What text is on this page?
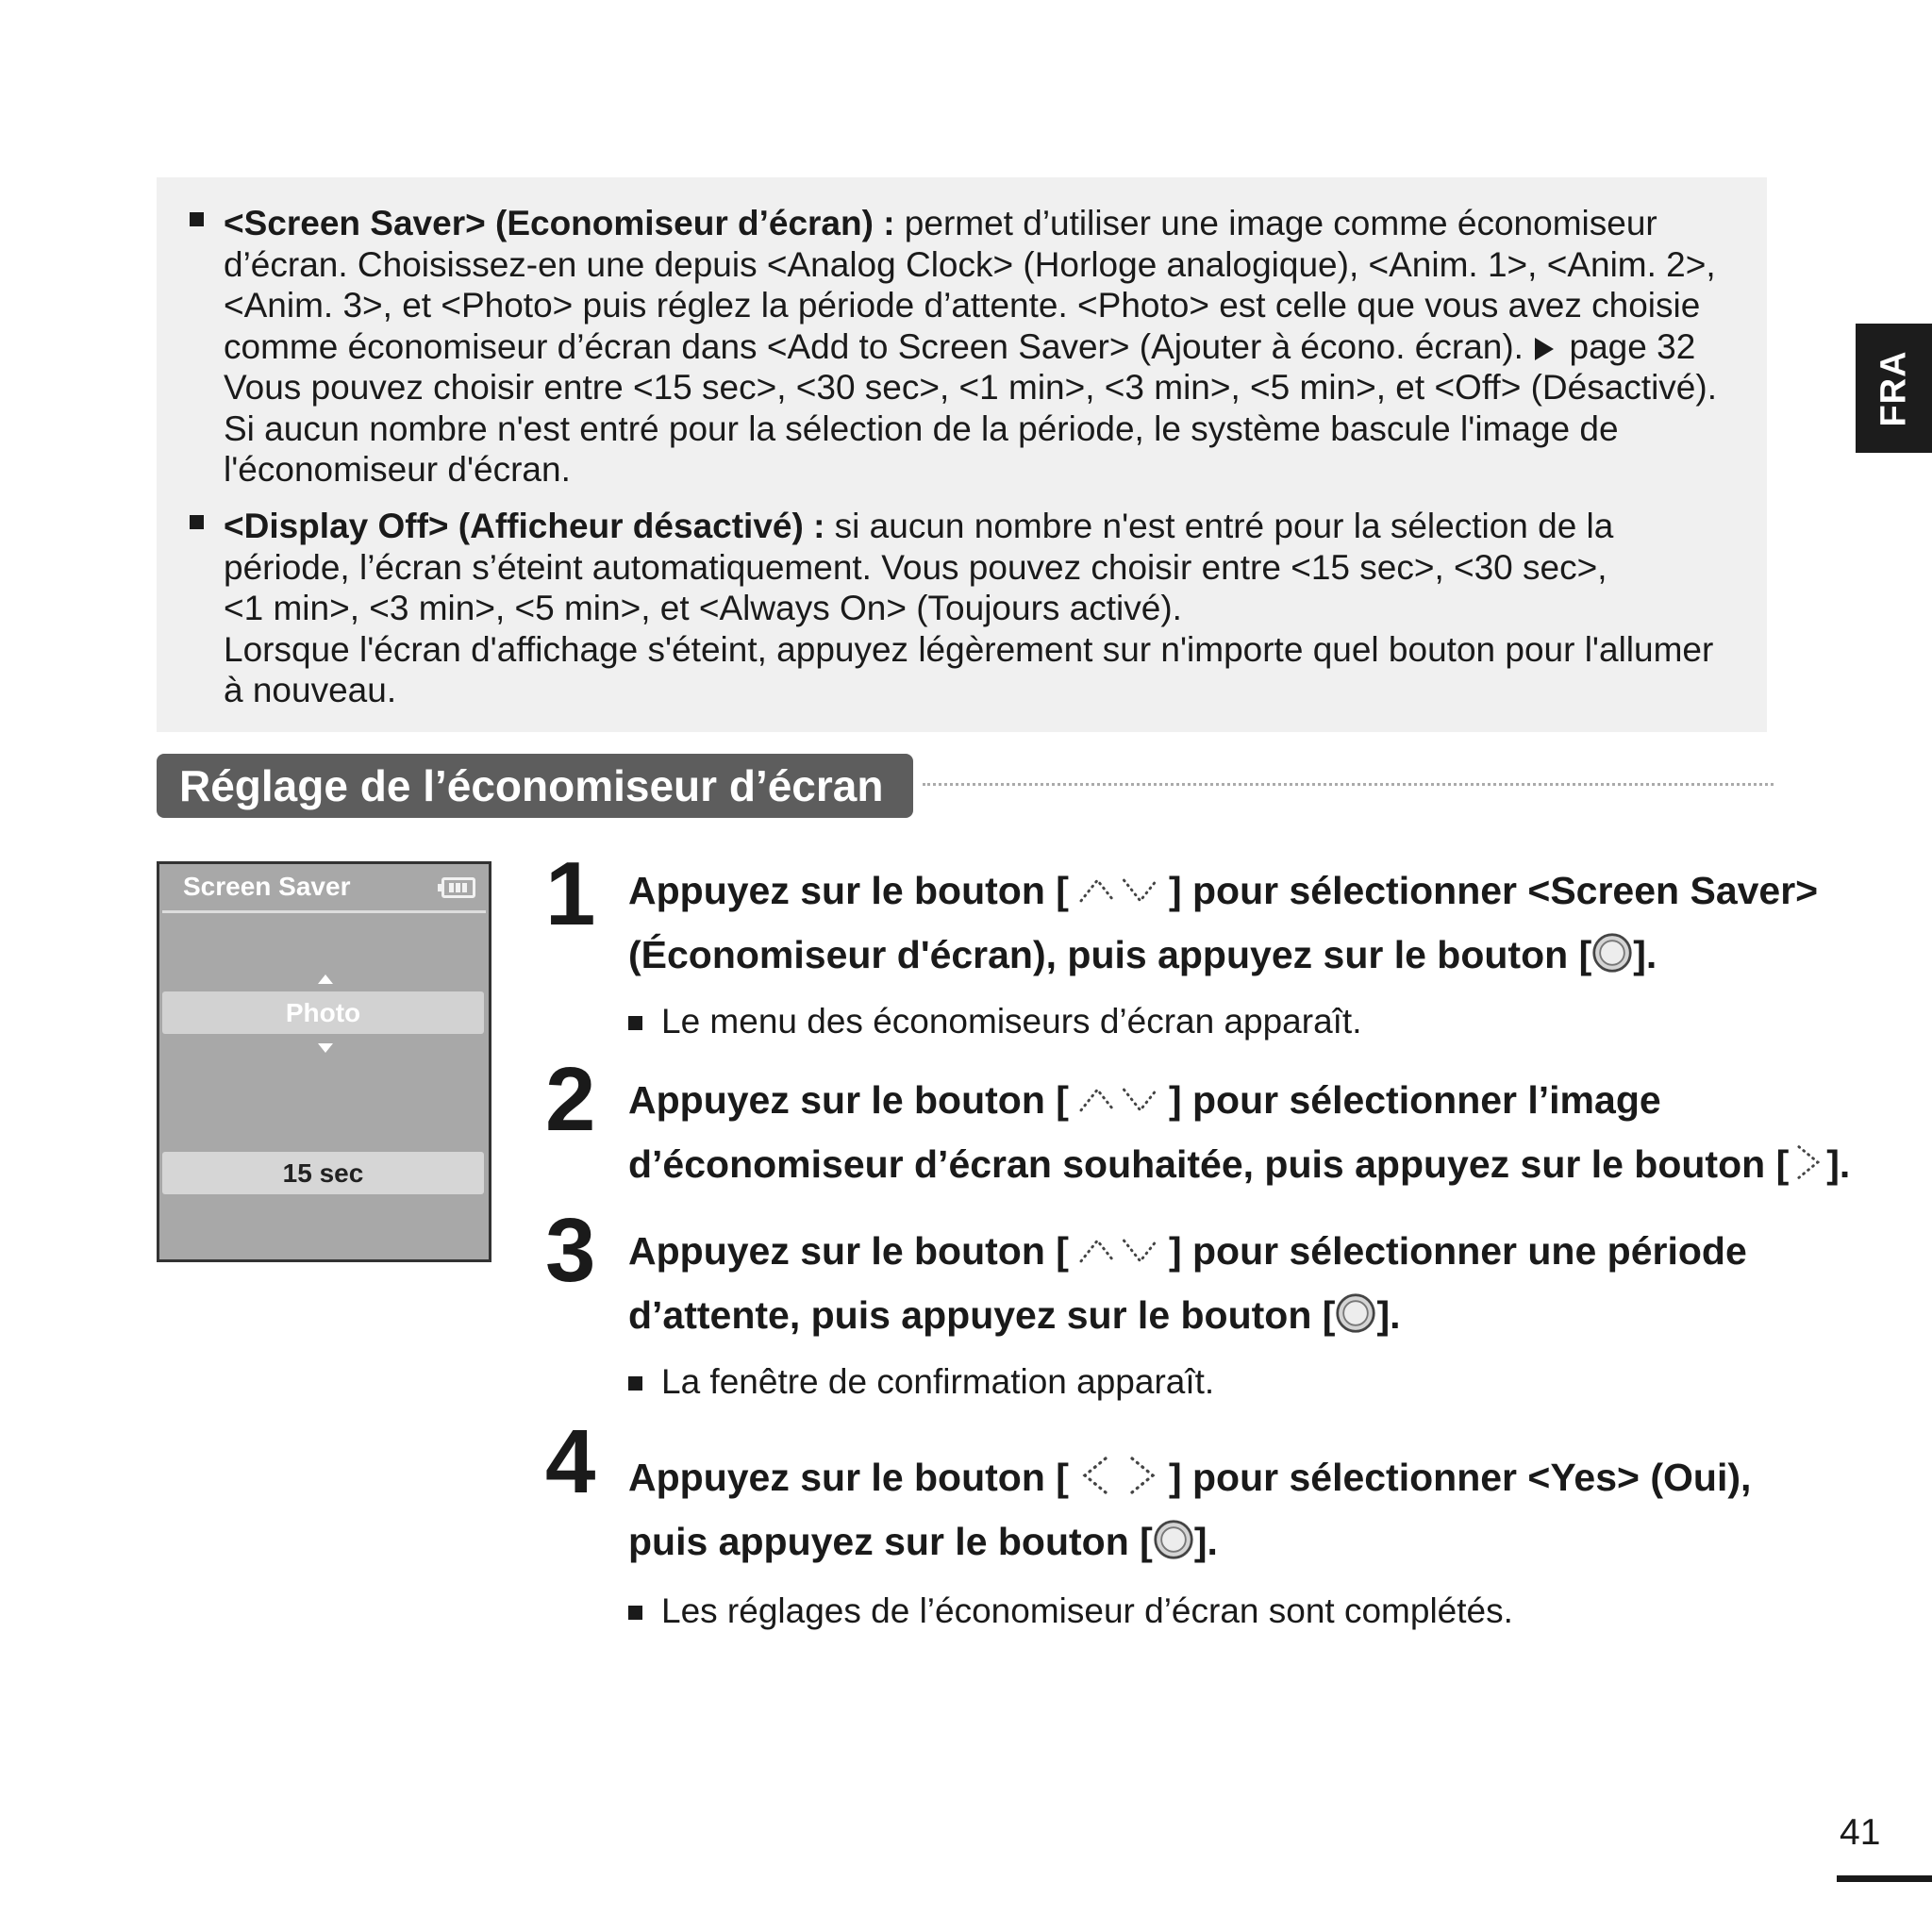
<Screen Saver> (Economiseur d’écran) : permet d’utiliser une image comme économiseur
d’écran. Choisissez-en une depuis <Analog Clock> (Horloge analogique), <Anim. 1>, <Anim. 2>,
<Anim. 3>, et <Photo> puis réglez la période d’attente. <Photo> est celle que vous avez choisie
comme économiseur d’écran dans <Add to Screen Saver> (Ajouter à écono. écran).  page 32
Vous pouvez choisir entre <15 sec>, <30 sec>, <1 min>, <3 min>, <5 min>, et <Off> (Désactivé).
Si aucun nombre n'est entré pour la sélection de la période, le système bascule l'image de
l'économiseur d'écran.
<Display Off> (Afficheur désactivé) : si aucun nombre n'est entré pour la sélection de la
période, l’écran s’éteint automatiquement. Vous pouvez choisir entre <15 sec>, <30 sec>,
<1 min>, <3 min>, <5 min>, et <Always On> (Toujours activé).
Lorsque l'écran d'affichage s'éteint, appuyez légèrement sur n'importe quel bouton pour l'allumer
à nouveau.
FRA
Réglage de l’économiseur d’écran
Screen Saver
Photo
15 sec
1 Appuyez sur le bouton [	] pour sélectionner <Screen Saver>
(Économiseur d'écran), puis appuyez sur le bouton [ ].
Le menu des économiseurs d’écran apparaît.
2 Appuyez sur le bouton [	] pour sélectionner l’image
d’économiseur d’écran souhaitée, puis appuyez sur le bouton [ ].
3 Appuyez sur le bouton [	] pour sélectionner une période
d’attente, puis appuyez sur le bouton [ ].
La fenêtre de confirmation apparaît.
4 Appuyez sur le bouton [	] pour sélectionner <Yes> (Oui),
puis appuyez sur le bouton [ ].
Les réglages de l’économiseur d’écran sont complétés.
41
